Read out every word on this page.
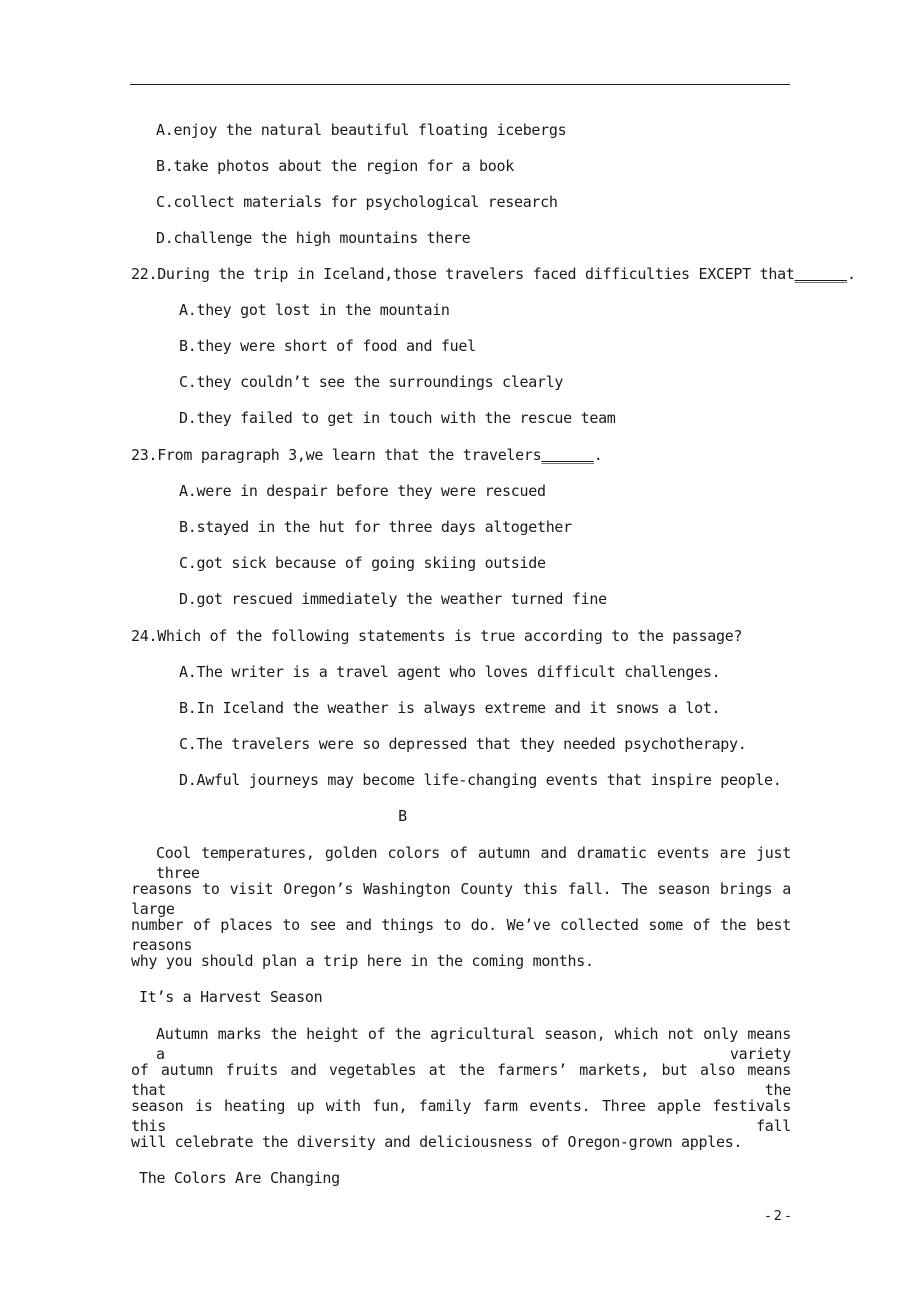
A.enjoy the natural beautiful floating icebergs
B.take photos about the region for a book
C.collect materials for psychological research
D.challenge the high mountains there
22.During the trip in Iceland,those travelers faced difficulties EXCEPT that______.
A.they got lost in the mountain
B.they were short of food and fuel
C.they couldn’t see the surroundings clearly
D.they failed to get in touch with the rescue team
23.From paragraph 3,we learn that the travelers______.
A.were in despair before they were rescued
B.stayed in the hut for three days altogether
C.got sick because of going skiing outside
D.got rescued immediately the weather turned fine
24.Which of the following statements is true according to the passage?
A.The writer is a travel agent who loves difficult challenges.
B.In Iceland the weather is always extreme and it snows a lot.
C.The travelers were so depressed that they needed psychotherapy.
D.Awful journeys may become life-changing events that inspire people.
B
Cool temperatures, golden colors of autumn and dramatic events are just three
reasons to visit Oregon’s Washington County this fall. The season brings a large
number of places to see and things to do. We’ve collected some of the best reasons
why you should plan a trip here in the coming months.
It’s a Harvest Season
Autumn marks the height of the agricultural season, which not only means a variety
of autumn fruits and vegetables at the farmers’ markets, but also means that the
season is heating up with fun, family farm events. Three apple festivals this fall
will celebrate the diversity and deliciousness of Oregon-grown apples.
The Colors Are Changing
- 2 -
